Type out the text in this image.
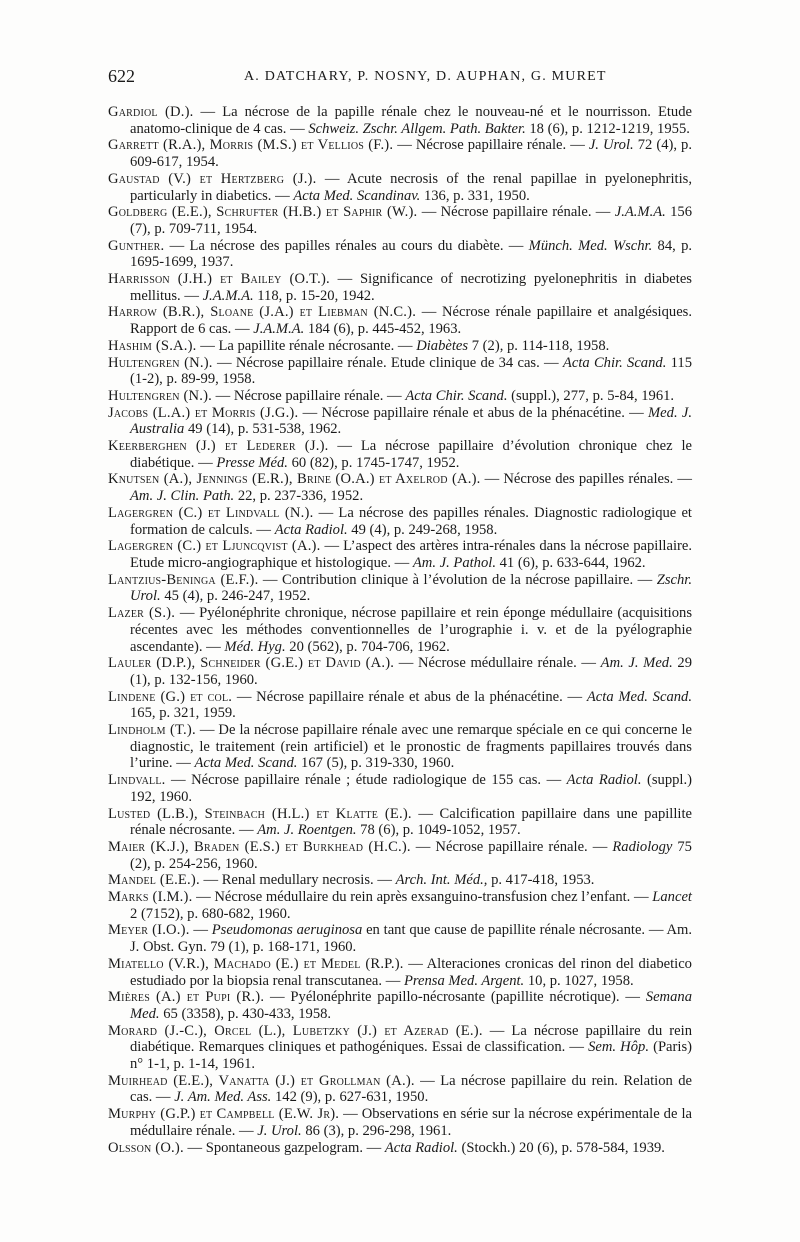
622	A. DATCHARY, P. NOSNY, D. AUPHAN, G. MURET

Gardiol (D.). — La nécrose de la papille rénale chez le nouveau-né et le nourrisson. Etude anatomo-clinique de 4 cas. — Schweiz. Zschr. Allgem. Path. Bakter. 18 (6), p. 1212-1219, 1955.

Garrett (R.A.), Morris (M.S.) et Vellios (F.). — Nécrose papillaire rénale. — J. Urol. 72 (4), p. 609-617, 1954.

Gaustad (V.) et Hertzberg (J.). — Acute necrosis of the renal papillae in pyelonephritis, particularly in diabetics. — Acta Med. Scandinav. 136, p. 331, 1950.

Goldberg (E.E.), Schrufter (H.B.) et Saphir (W.). — Nécrose papillaire rénale. — J.A.M.A. 156 (7), p. 709-711, 1954.

Gunther. — La nécrose des papilles rénales au cours du diabète. — Münch. Med. Wschr. 84, p. 1695-1699, 1937.

Harrisson (J.H.) et Bailey (O.T.). — Significance of necrotizing pyelonephritis in diabetes mellitus. — J.A.M.A. 118, p. 15-20, 1942.

Harrow (B.R.), Sloane (J.A.) et Liebman (N.C.). — Nécrose rénale papillaire et analgésiques. Rapport de 6 cas. — J.A.M.A. 184 (6), p. 445-452, 1963.

Hashim (S.A.). — La papillite rénale nécrosante. — Diabètes 7 (2), p. 114-118, 1958.

Hultengren (N.). — Nécrose papillaire rénale. Etude clinique de 34 cas. — Acta Chir. Scand. 115 (1-2), p. 89-99, 1958.

Hultengren (N.). — Nécrose papillaire rénale. — Acta Chir. Scand. (suppl.), 277, p. 5-84, 1961.

Jacobs (L.A.) et Morris (J.G.). — Nécrose papillaire rénale et abus de la phénacétine. — Med. J. Australia 49 (14), p. 531-538, 1962.

Keerberghen (J.) et Lederer (J.). — La nécrose papillaire d’évolution chronique chez le diabétique. — Presse Méd. 60 (82), p. 1745-1747, 1952.

Knutsen (A.), Jennings (E.R.), Brine (O.A.) et Axelrod (A.). — Nécrose des papilles rénales. — Am. J. Clin. Path. 22, p. 237-336, 1952.

Lagergren (C.) et Lindvall (N.). — La nécrose des papilles rénales. Diagnostic radiologique et formation de calculs. — Acta Radiol. 49 (4), p. 249-268, 1958.

Lagergren (C.) et Ljuncqvist (A.). — L’aspect des artères intra-rénales dans la nécrose papillaire. Etude micro-angiographique et histologique. — Am. J. Pathol. 41 (6), p. 633-644, 1962.

Lantzius-Beninga (E.F.). — Contribution clinique à l’évolution de la nécrose papillaire. — Zschr. Urol. 45 (4), p. 246-247, 1952.

Lazer (S.). — Pyélonéphrite chronique, nécrose papillaire et rein éponge médullaire (acquisitions récentes avec les méthodes conventionnelles de l’urographie i. v. et de la pyélographie ascendante). — Méd. Hyg. 20 (562), p. 704-706, 1962.

Lauler (D.P.), Schneider (G.E.) et David (A.). — Nécrose médullaire rénale. — Am. J. Med. 29 (1), p. 132-156, 1960.

Lindene (G.) et col. — Nécrose papillaire rénale et abus de la phénacétine. — Acta Med. Scand. 165, p. 321, 1959.

Lindholm (T.). — De la nécrose papillaire rénale avec une remarque spéciale en ce qui concerne le diagnostic, le traitement (rein artificiel) et le pronostic de fragments papillaires trouvés dans l’urine. — Acta Med. Scand. 167 (5), p. 319-330, 1960.

Lindvall. — Nécrose papillaire rénale ; étude radiologique de 155 cas. — Acta Radiol. (suppl.) 192, 1960.

Lusted (L.B.), Steinbach (H.L.) et Klatte (E.). — Calcification papillaire dans une papillite rénale nécrosante. — Am. J. Roentgen. 78 (6), p. 1049-1052, 1957.

Maier (K.J.), Braden (E.S.) et Burkhead (H.C.). — Nécrose papillaire rénale. — Radiology 75 (2), p. 254-256, 1960.

Mandel (E.E.). — Renal medullary necrosis. — Arch. Int. Méd., p. 417-418, 1953.

Marks (I.M.). — Nécrose médullaire du rein après exsanguino-transfusion chez l’enfant. — Lancet 2 (7152), p. 680-682, 1960.

Meyer (I.O.). — Pseudomonas aeruginosa en tant que cause de papillite rénale nécrosante. — Am. J. Obst. Gyn. 79 (1), p. 168-171, 1960.

Miatello (V.R.), Machado (E.) et Medel (R.P.). — Alteraciones cronicas del rinon del diabetico estudiado por la biopsia renal transcutanea. — Prensa Med. Argent. 10, p. 1027, 1958.

Mières (A.) et Pupi (R.). — Pyélonéphrite papillo-nécrosante (papillite nécrotique). — Semana Med. 65 (3358), p. 430-433, 1958.

Morard (J.-C.), Orcel (L.), Lubetzky (J.) et Azerad (E.). — La nécrose papillaire du rein diabétique. Remarques cliniques et pathogéniques. Essai de classification. — Sem. Hôp. (Paris) n° 1-1, p. 1-14, 1961.

Muirhead (E.E.), Vanatta (J.) et Grollman (A.). — La nécrose papillaire du rein. Relation de cas. — J. Am. Med. Ass. 142 (9), p. 627-631, 1950.

Murphy (G.P.) et Campbell (E.W. Jr). — Observations en série sur la nécrose expérimentale de la médullaire rénale. — J. Urol. 86 (3), p. 296-298, 1961.

Olsson (O.). — Spontaneous gazpelogram. — Acta Radiol. (Stockh.) 20 (6), p. 578-584, 1939.
